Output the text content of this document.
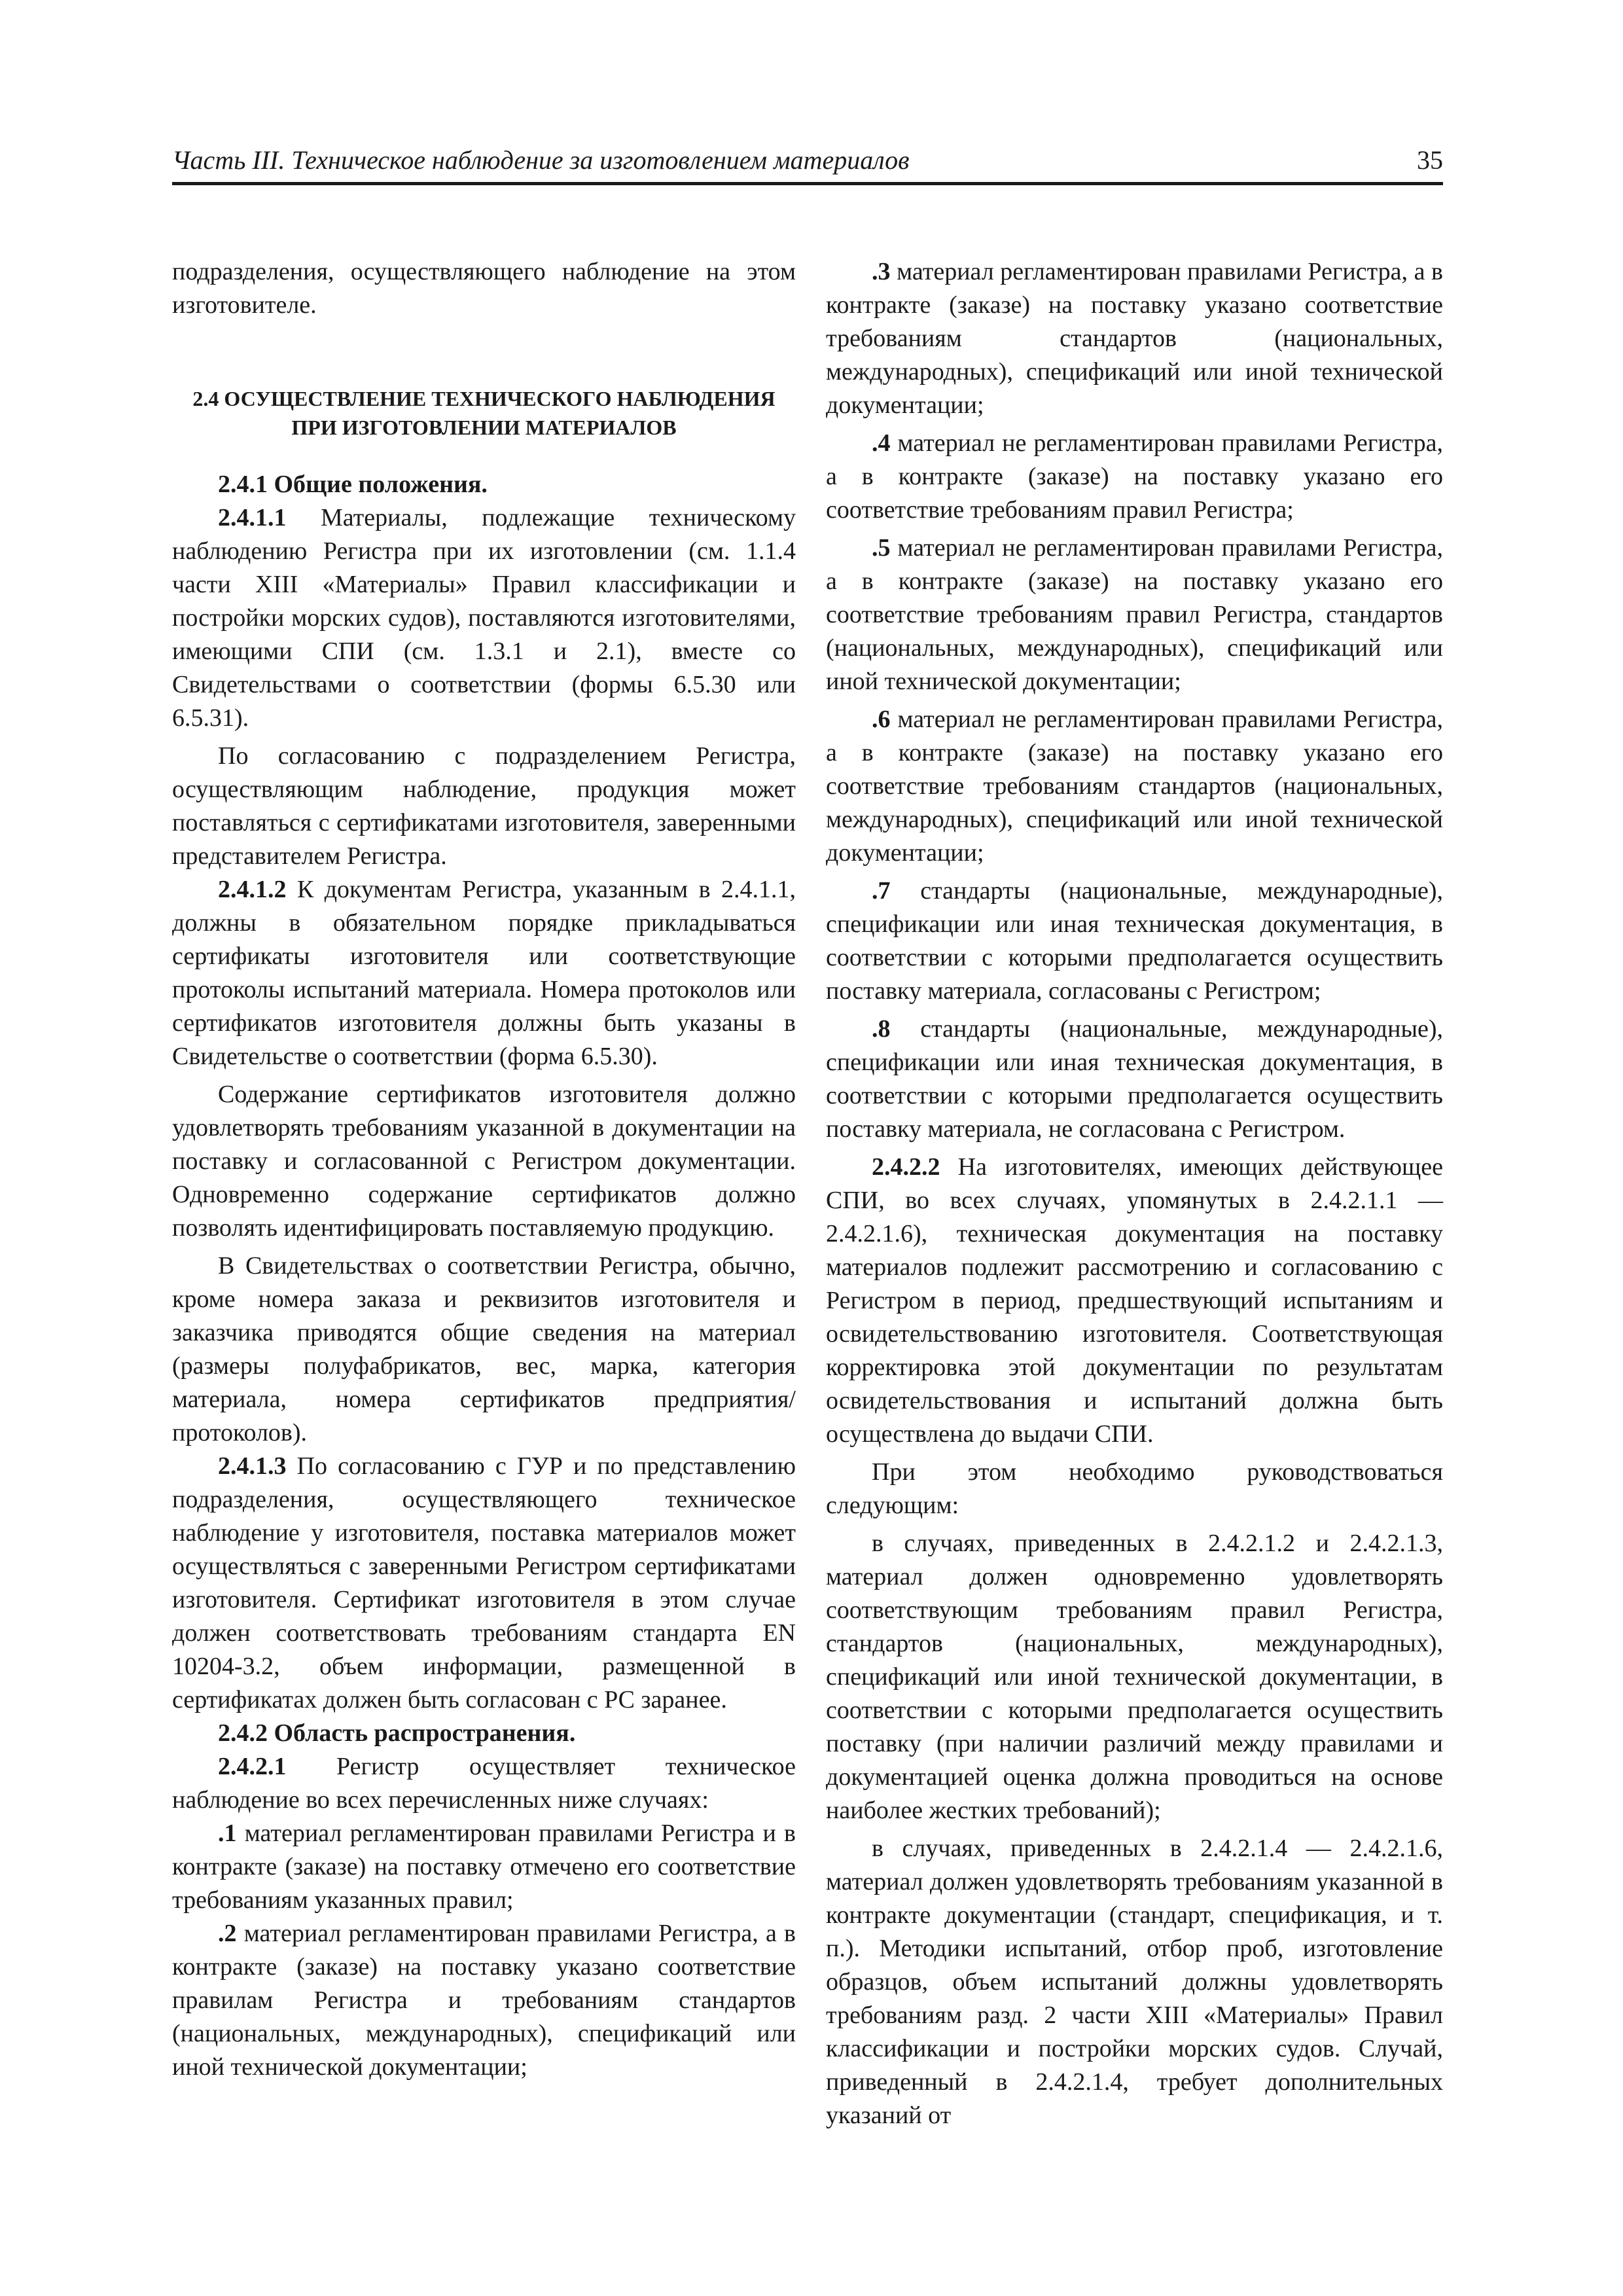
Часть III. Техническое наблюдение за изготовлением материалов	35

подразделения, осуществляющего наблюдение на этом изготовителе.

2.4 ОСУЩЕСТВЛЕНИЕ ТЕХНИЧЕСКОГО НАБЛЮДЕНИЯ ПРИ ИЗГОТОВЛЕНИИ МАТЕРИАЛОВ

2.4.1 Общие положения.

2.4.1.1 Материалы, подлежащие техническому наблюдению Регистра при их изготовлении (см. 1.1.4 части XIII «Материалы» Правил классификации и постройки морских судов), поставляются изготовителями, имеющими СПИ (см. 1.3.1 и 2.1), вместе со Свидетельствами о соответствии (формы 6.5.30 или 6.5.31).

По согласованию с подразделением Регистра, осуществляющим наблюдение, продукция может поставляться с сертификатами изготовителя, заверенными представителем Регистра.

2.4.1.2 К документам Регистра, указанным в 2.4.1.1, должны в обязательном порядке прикладываться сертификаты изготовителя или соответствующие протоколы испытаний материала. Номера протоколов или сертификатов изготовителя должны быть указаны в Свидетельстве о соответствии (форма 6.5.30).

Содержание сертификатов изготовителя должно удовлетворять требованиям указанной в документации на поставку и согласованной с Регистром документации. Одновременно содержание сертификатов должно позволять идентифицировать поставляемую продукцию.

В Свидетельствах о соответствии Регистра, обычно, кроме номера заказа и реквизитов изготовителя и заказчика приводятся общие сведения на материал (размеры полуфабрикатов, вес, марка, категория материала, номера сертификатов предприятия/протоколов).

2.4.1.3 По согласованию с ГУР и по представлению подразделения, осуществляющего техническое наблюдение у изготовителя, поставка материалов может осуществляться с заверенными Регистром сертификатами изготовителя. Сертификат изготовителя в этом случае должен соответствовать требованиям стандарта EN 10204-3.2, объем информации, размещенной в сертификатах должен быть согласован с РС заранее.

2.4.2 Область распространения.

2.4.2.1 Регистр осуществляет техническое наблюдение во всех перечисленных ниже случаях:

.1 материал регламентирован правилами Регистра и в контракте (заказе) на поставку отмечено его соответствие требованиям указанных правил;

.2 материал регламентирован правилами Регистра, а в контракте (заказе) на поставку указано соответствие правилам Регистра и требованиям стандартов (национальных, международных), спецификаций или иной технической документации;

.3 материал регламентирован правилами Регистра, а в контракте (заказе) на поставку указано соответствие требованиям стандартов (национальных, международных), спецификаций или иной технической документации;

.4 материал не регламентирован правилами Регистра, а в контракте (заказе) на поставку указано его соответствие требованиям правил Регистра;

.5 материал не регламентирован правилами Регистра, а в контракте (заказе) на поставку указано его соответствие требованиям правил Регистра, стандартов (национальных, международных), спецификаций или иной технической документации;

.6 материал не регламентирован правилами Регистра, а в контракте (заказе) на поставку указано его соответствие требованиям стандартов (национальных, международных), спецификаций или иной технической документации;

.7 стандарты (национальные, международные), спецификации или иная техническая документация, в соответствии с которыми предполагается осуществить поставку материала, согласованы с Регистром;

.8 стандарты (национальные, международные), спецификации или иная техническая документация, в соответствии с которыми предполагается осуществить поставку материала, не согласована с Регистром.

2.4.2.2 На изготовителях, имеющих действующее СПИ, во всех случаях, упомянутых в 2.4.2.1.1 — 2.4.2.1.6), техническая документация на поставку материалов подлежит рассмотрению и согласованию с Регистром в период, предшествующий испытаниям и освидетельствованию изготовителя. Соответствующая корректировка этой документации по результатам освидетельствования и испытаний должна быть осуществлена до выдачи СПИ.

При этом необходимо руководствоваться следующим:

в случаях, приведенных в 2.4.2.1.2 и 2.4.2.1.3, материал должен одновременно удовлетворять соответствующим требованиям правил Регистра, стандартов (национальных, международных), спецификаций или иной технической документации, в соответствии с которыми предполагается осуществить поставку (при наличии различий между правилами и документацией оценка должна проводиться на основе наиболее жестких требований);

в случаях, приведенных в 2.4.2.1.4 — 2.4.2.1.6, материал должен удовлетворять требованиям указанной в контракте документации (стандарт, спецификация, и т. п.). Методики испытаний, отбор проб, изготовление образцов, объем испытаний должны удовлетворять требованиям разд. 2 части XIII «Материалы» Правил классификации и постройки морских судов. Случай, приведенный в 2.4.2.1.4, требует дополнительных указаний от
